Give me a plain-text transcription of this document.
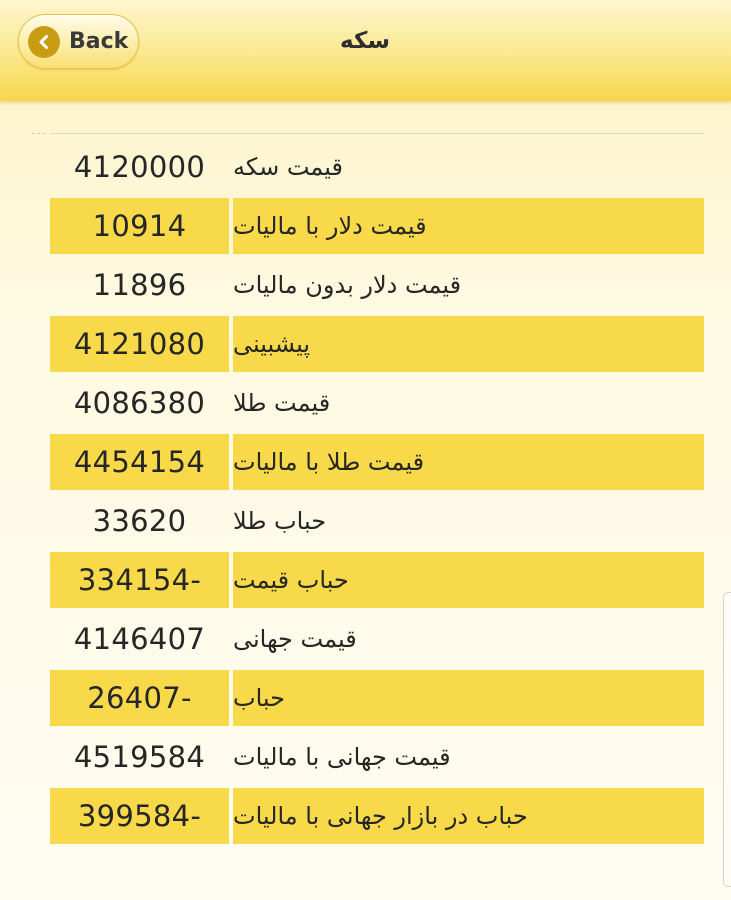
Back	سکه
4120000	قیمت سکه
10914	قیمت دلار با مالیات
11896	قیمت دلار بدون مالیات
4121080	پیشبینی
4086380	قیمت طلا
4454154	قیمت طلا با مالیات
33620	حباب طلا
334154-	حباب قیمت
4146407	قیمت جهانی
26407-	حباب
4519584	قیمت جهانی با مالیات
399584-	حباب در بازار جهانی با مالیات
